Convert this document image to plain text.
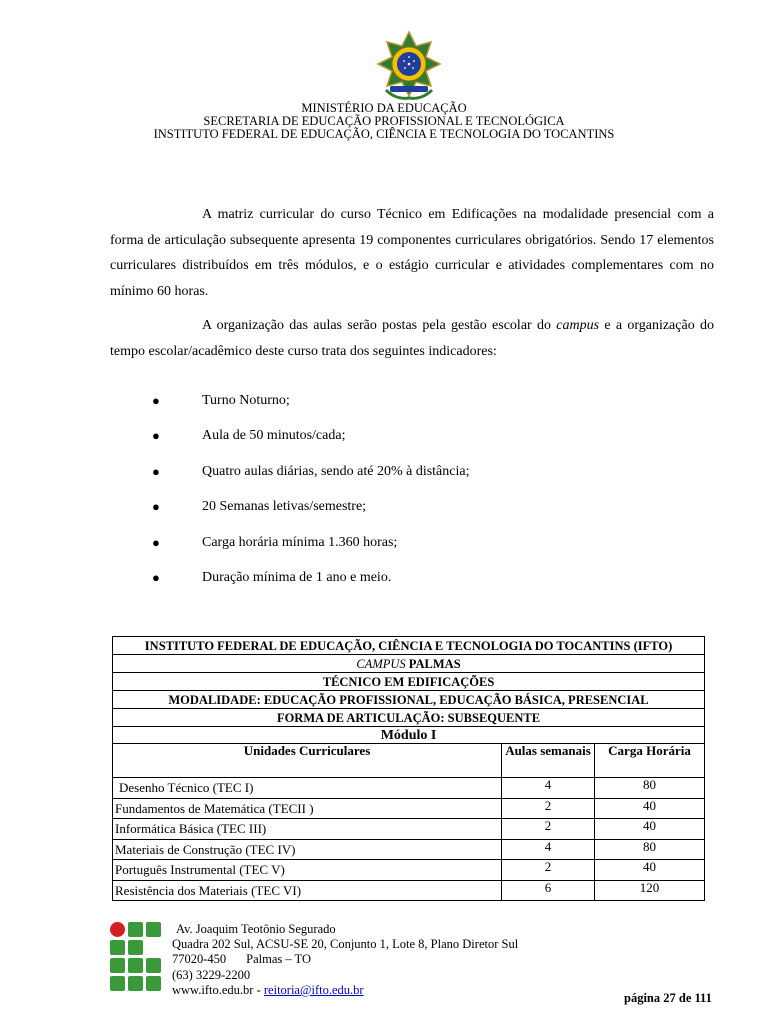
MINISTÉRIO DA EDUCAÇÃO
SECRETARIA DE EDUCAÇÃO PROFISSIONAL E TECNOLÓGICA
INSTITUTO FEDERAL DE EDUCAÇÃO, CIÊNCIA E TECNOLOGIA DO TOCANTINS

A matriz curricular do curso Técnico em Edificações na modalidade presencial com a forma de articulação subsequente apresenta 19 componentes curriculares obrigatórios. Sendo 17 elementos curriculares distribuídos em três módulos, e o estágio curricular e atividades complementares com no mínimo 60 horas.

A organização das aulas serão postas pela gestão escolar do campus e a organização do tempo escolar/acadêmico deste curso trata dos seguintes indicadores:

●	Turno Noturno;
●	Aula de 50 minutos/cada;
●	Quatro aulas diárias, sendo até 20% à distância;
●	20 Semanas letivas/semestre;
●	Carga horária mínima 1.360 horas;
●	Duração mínima de 1 ano e meio.
INSTITUTO FEDERAL DE EDUCAÇÃO, CIÊNCIA E TECNOLOGIA DO TOCANTINS (IFTO)		
CAMPUS PALMAS		
TÉCNICO EM EDIFICAÇÕES		
MODALIDADE: EDUCAÇÃO PROFISSIONAL, EDUCAÇÃO BÁSICA, PRESENCIAL		
FORMA DE ARTICULAÇÃO: SUBSEQUENTE		
Módulo I		
Unidades Curriculares	Aulas semanais	Carga Horária
Desenho Técnico (TEC I)	4	80
Fundamentos de Matemática (TECII )	2	40
Informática Básica (TEC III)	2	40
Materiais de Construção (TEC IV)	4	80
Português Instrumental (TEC V)	2	40
Resistência dos Materiais (TEC VI)	6	120
Av. Joaquim Teotônio Segurado
Quadra 202 Sul, ACSU-SE 20, Conjunto 1, Lote 8, Plano Diretor Sul
77020-450 Palmas – TO
(63) 3229-2200
www.ifto.edu.br - reitoria@ifto.edu.br
página 27 de 111
